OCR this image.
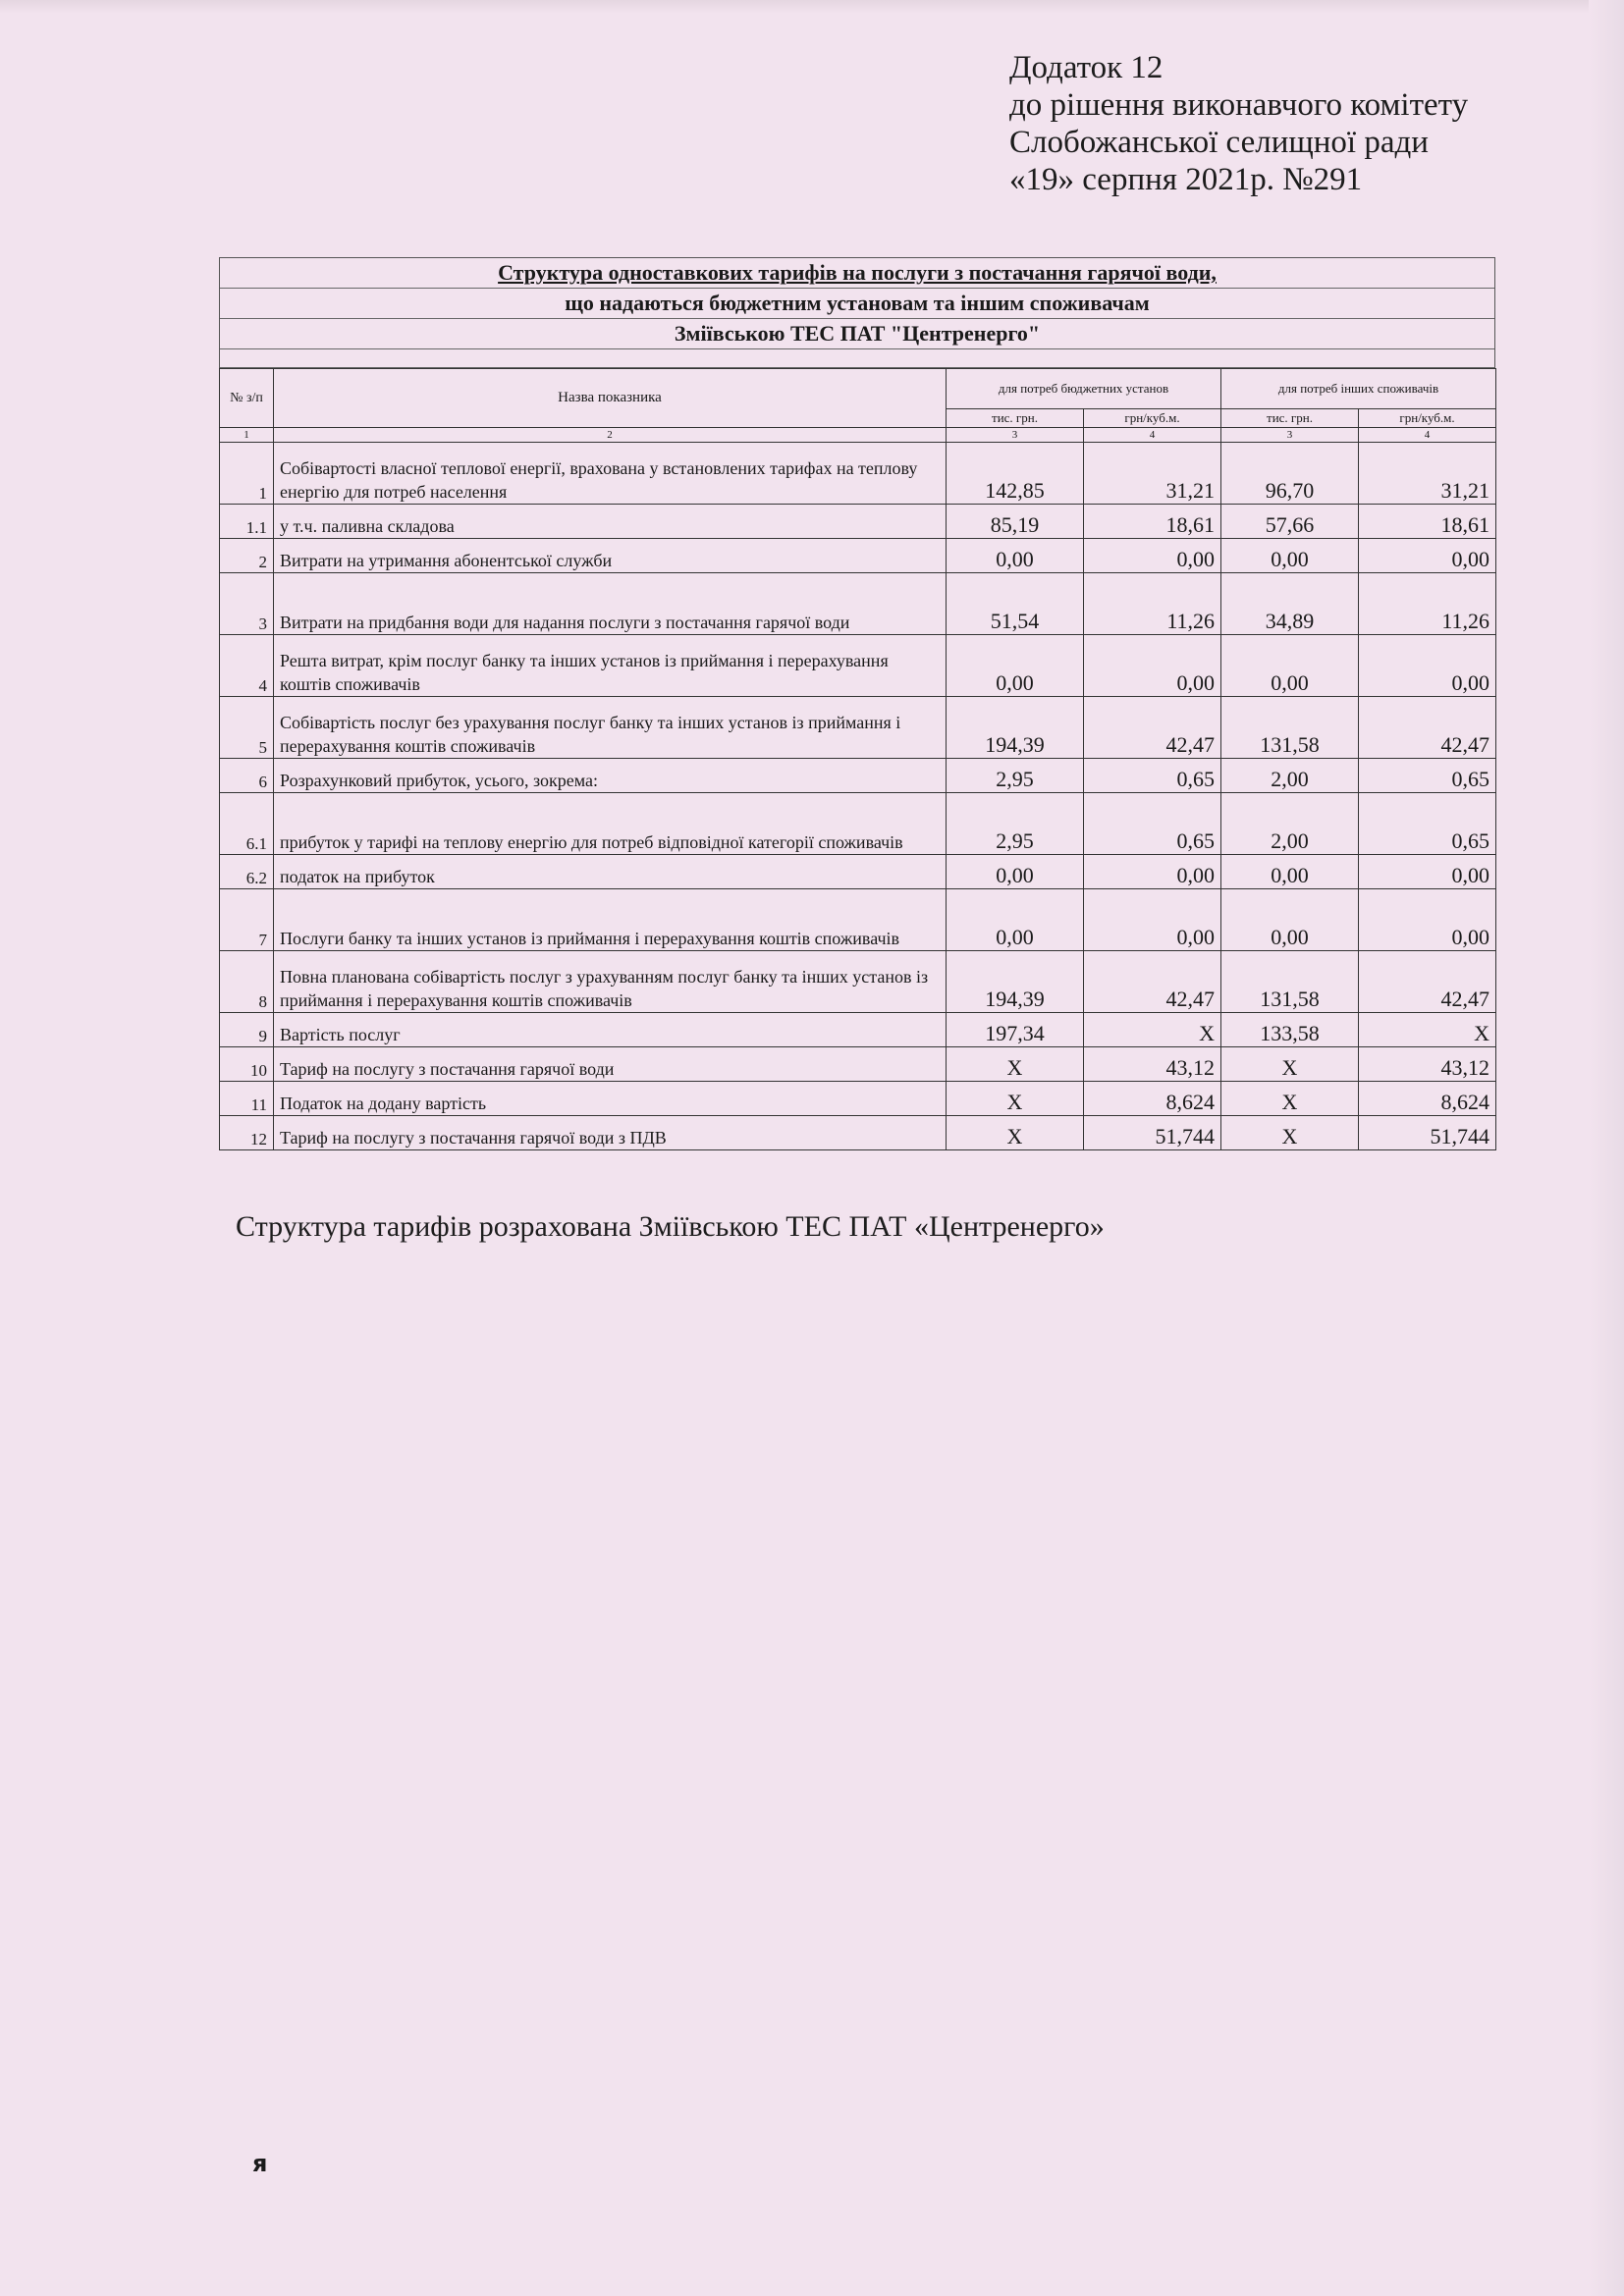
Додаток 12
до рішення виконавчого комітету
Слобожанської селищної ради
«19» серпня 2021р. №291
Структура одноставкових тарифів на послуги з постачання гарячої води,
що надаються бюджетним установам та іншим споживачам
Зміївською ТЕС ПАТ "Центренерго"
№ з/п	Назва показника	для потреб бюджетних установ		для потреб інших споживачів	
		тис. грн.	грн/куб.м.	тис. грн.	грн/куб.м.
1	2	3	4	3	4
1	Собівартості власної теплової енергії, врахована у встановлених тарифах на теплову енергію для потреб населення	142,85	31,21	96,70	31,21
1.1	у т.ч. паливна складова	85,19	18,61	57,66	18,61
2	Витрати на утримання абонентської служби	0,00	0,00	0,00	0,00
3	Витрати на придбання води для надання послуги з постачання гарячої води	51,54	11,26	34,89	11,26
4	Решта витрат, крім послуг банку та інших установ із приймання і перерахування коштів споживачів	0,00	0,00	0,00	0,00
5	Собівартість послуг без урахування послуг банку та інших установ із приймання і перерахування коштів споживачів	194,39	42,47	131,58	42,47
6	Розрахунковий прибуток, усього, зокрема:	2,95	0,65	2,00	0,65
6.1	прибуток у тарифі на теплову енергію для потреб відповідної категорії споживачів	2,95	0,65	2,00	0,65
6.2	податок на прибуток	0,00	0,00	0,00	0,00
7	Послуги банку та інших установ із приймання і перерахування коштів споживачів	0,00	0,00	0,00	0,00
8	Повна планована собівартість послуг з урахуванням послуг банку та інших установ із приймання і перерахування коштів споживачів	194,39	42,47	131,58	42,47
9	Вартість послуг	197,34	Х	133,58	Х
10	Тариф на послугу з постачання гарячої води	Х	43,12	Х	43,12
11	Податок на додану вартість	Х	8,624	Х	8,624
12	Тариф на послугу з постачання гарячої води з ПДВ	Х	51,744	Х	51,744
Структура тарифів розрахована Зміївською ТЕС ПАТ «Центренерго»
я
